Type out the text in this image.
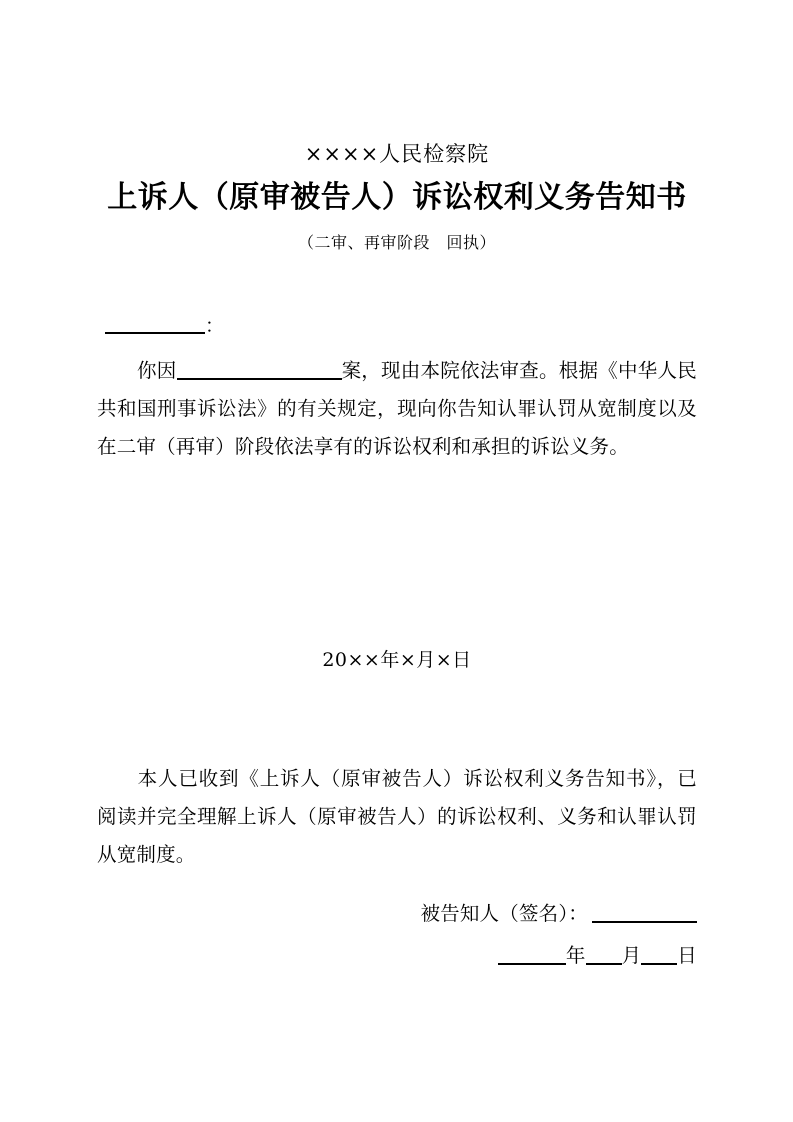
××××人民检察院
上诉人（原审被告人）诉讼权利义务告知书
（二审、再审阶段　回执）
：
你因	案，现由本院依法审查。根据《中华人民共和国刑事诉讼法》的有关规定，现向你告知认罪认罚从宽制度以及在二审（再审）阶段依法享有的诉讼权利和承担的诉讼义务。
20××年×月×日
本人已收到《上诉人（原审被告人）诉讼权利义务告知书》，已阅读并完全理解上诉人（原审被告人）的诉讼权利、义务和认罪认罚从宽制度。
被告知人（签名）：
年 月 日
